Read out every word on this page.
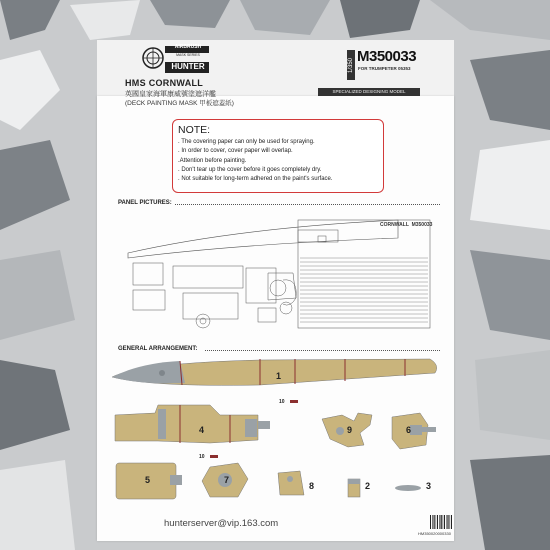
AIRBRUSH
MASK SERIES
HUNTER
HMS CORNWALL
英國皇家海軍康威號塗遮洋艦
(DECK PAINTING MASK 甲板遮蓋紙)
1/350
M350033
FOR TRUMPETER 05353
SPECIALIZED DESIGNING MODEL
NOTE:
. The covering paper can only be used for spraying.
. In order to cover, cover paper will overlap.
.Attention before painting.
. Don't tear up the cover before it goes completely dry.
. Not suitable for long-term adhered on the paint's surface.
PANEL PICTURES:
CORNWALL  M350033
GENERAL ARRANGEMENT:
1
4
5	7
8
9	6
2	3
10
10
hunterserver@vip.163.com
HM350020000330
